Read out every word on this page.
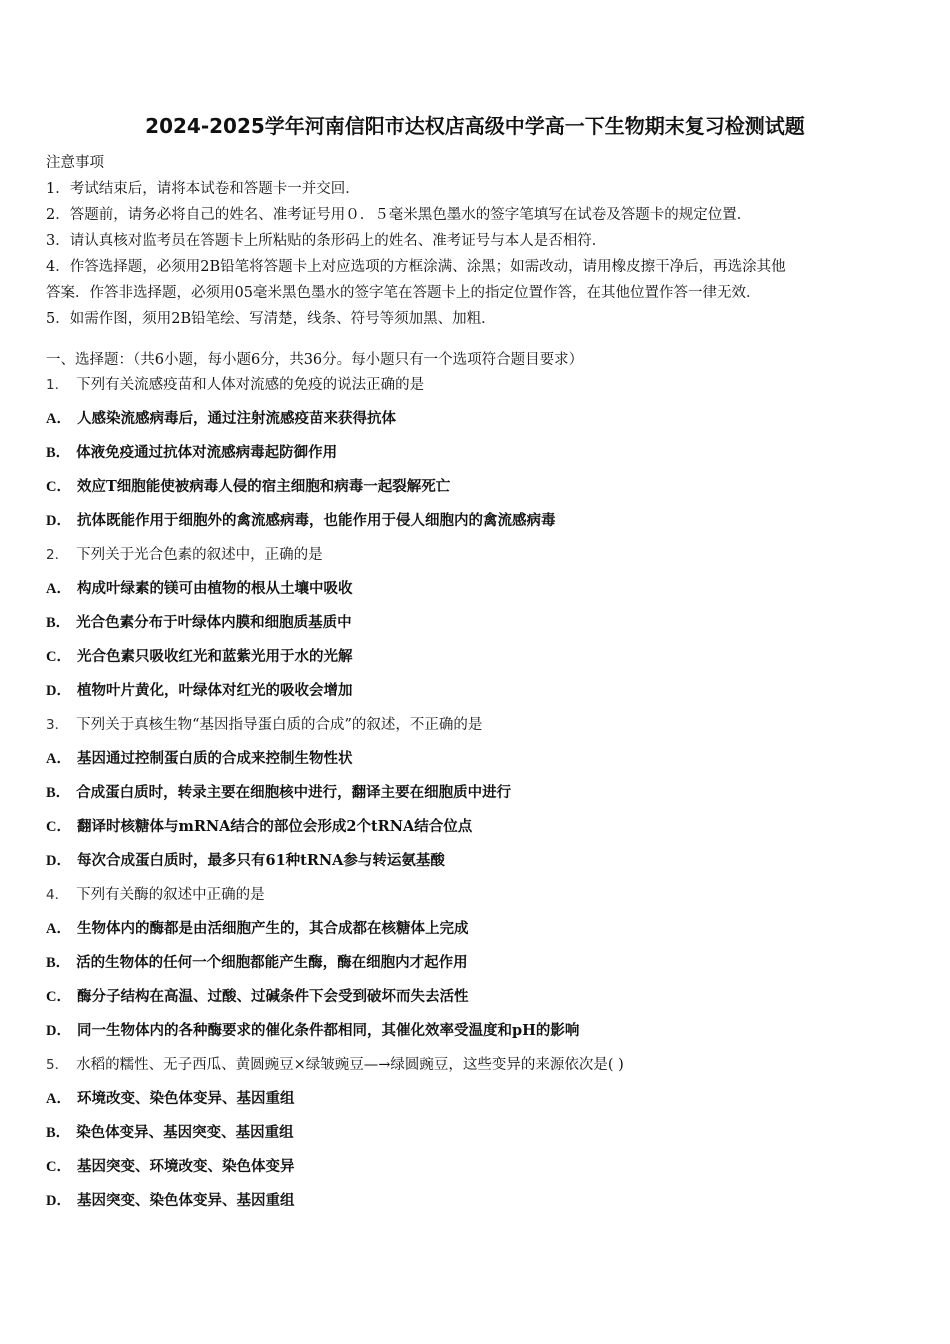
2024-2025学年河南信阳市达权店高级中学高一下生物期末复习检测试题
注意事项
1．考试结束后，请将本试卷和答题卡一并交回．
2．答题前，请务必将自己的姓名、准考证号用０．５毫米黑色墨水的签字笔填写在试卷及答题卡的规定位置．
3．请认真核对监考员在答题卡上所粘贴的条形码上的姓名、准考证号与本人是否相符．
4．作答选择题，必须用2B铅笔将答题卡上对应选项的方框涂满、涂黑；如需改动，请用橡皮擦干净后，再选涂其他
答案．作答非选择题，必须用05毫米黑色墨水的签字笔在答题卡上的指定位置作答，在其他位置作答一律无效．
5．如需作图，须用2B铅笔绘、写清楚，线条、符号等须加黑、加粗．
一、选择题：（共6小题，每小题6分，共36分。每小题只有一个选项符合题目要求）
1． 下列有关流感疫苗和人体对流感的免疫的说法正确的是
A． 人感染流感病毒后，通过注射流感疫苗来获得抗体
B． 体液免疫通过抗体对流感病毒起防御作用
C． 效应T细胞能使被病毒人侵的宿主细胞和病毒一起裂解死亡
D． 抗体既能作用于细胞外的禽流感病毒，也能作用于侵人细胞内的禽流感病毒
2． 下列关于光合色素的叙述中，正确的是
A． 构成叶绿素的镁可由植物的根从土壤中吸收
B． 光合色素分布于叶绿体内膜和细胞质基质中
C． 光合色素只吸收红光和蓝紫光用于水的光解
D． 植物叶片黄化，叶绿体对红光的吸收会增加
3． 下列关于真核生物“基因指导蛋白质的合成”的叙述，不正确的是
A． 基因通过控制蛋白质的合成来控制生物性状
B． 合成蛋白质时，转录主要在细胞核中进行，翻译主要在细胞质中进行
C． 翻译时核糖体与mRNA结合的部位会形成2个tRNA结合位点
D． 每次合成蛋白质时，最多只有61种tRNA参与转运氨基酸
4． 下列有关酶的叙述中正确的是
A． 生物体内的酶都是由活细胞产生的，其合成都在核糖体上完成
B． 活的生物体的任何一个细胞都能产生酶，酶在细胞内才起作用
C． 酶分子结构在高温、过酸、过碱条件下会受到破坏而失去活性
D． 同一生物体内的各种酶要求的催化条件都相同，其催化效率受温度和pH的影响
5． 水稻的糯性、无子西瓜、黄圆豌豆×绿皱豌豆—→绿圆豌豆，这些变异的来源依次是( )
A． 环境改变、染色体变异、基因重组
B． 染色体变异、基因突变、基因重组
C． 基因突变、环境改变、染色体变异
D． 基因突变、染色体变异、基因重组
